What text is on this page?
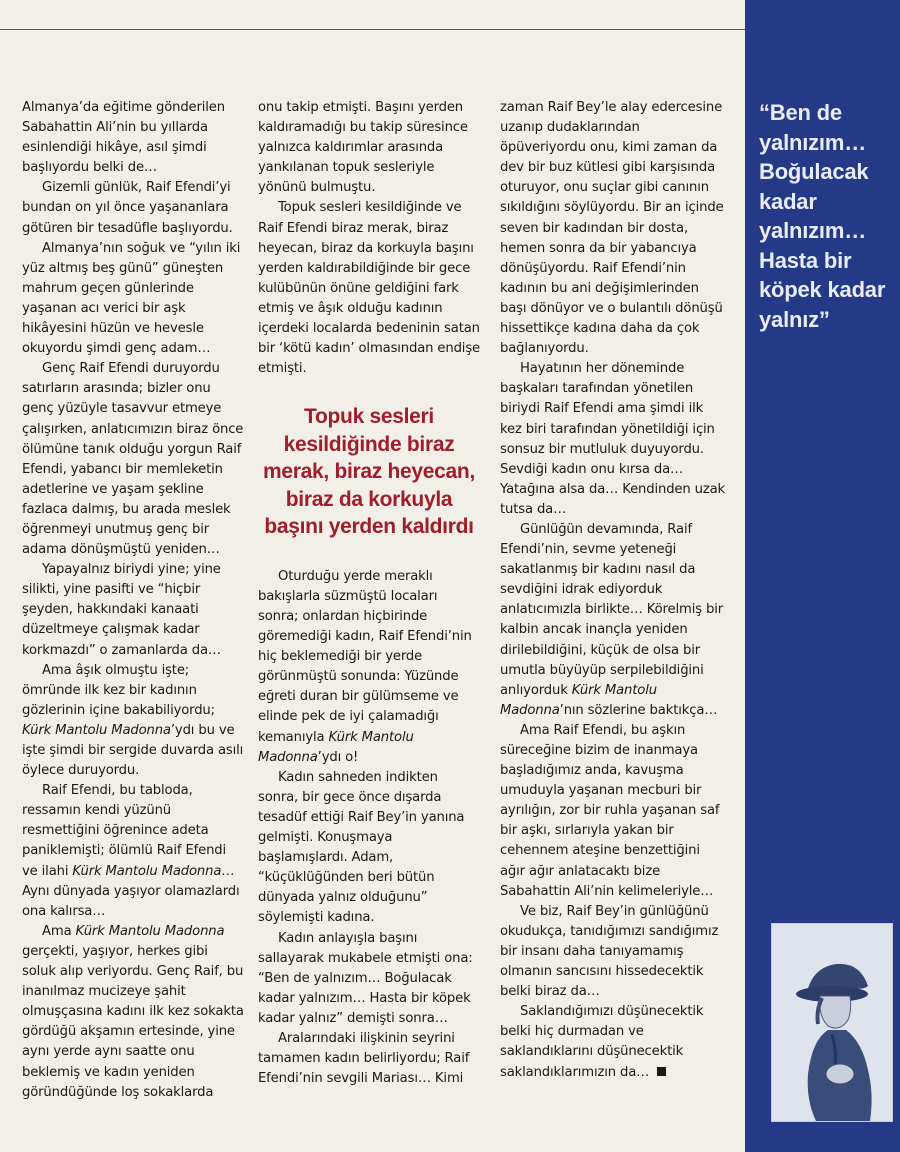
Almanya’da eğitime gönderilen Sabahattin Ali’nin bu yıllarda esinlendiği hikâye, asıl şimdi başlıyordu belki de…

Gizemli günlük, Raif Efendi’yi bundan on yıl önce yaşananlara götüren bir tesadüfle başlıyordu.

Almanya’nın soğuk ve “yılın iki yüz altmış beş günü” güneşten mahrum geçen günlerinde yaşanan acı verici bir aşk hikâyesini hüzün ve hevesle okuyordu şimdi genç adam…

Genç Raif Efendi duruyordu satırların arasında; bizler onu genç yüzüyle tasavvur etmeye çalışırken, anlatıcımızın biraz önce ölümüne tanık olduğu yorgun Raif Efendi, yabancı bir memleketin adetlerine ve yaşam şekline fazlaca dalmış, bu arada meslek öğrenmeyi unutmuş genç bir adama dönüşmüştü yeniden…

Yapayalnız biriydi yine; yine silikti, yine pasifti ve “hiçbir şeyden, hakkındaki kanaati düzeltmeye çalışmak kadar korkmazdı” o zamanlarda da…

Ama âşık olmuştu işte; ömründe ilk kez bir kadının gözlerinin içine bakabiliyordu; Kürk Mantolu Madonna’ydı bu ve işte şimdi bir sergide duvarda asılı öylece duruyordu.

Raif Efendi, bu tabloda, ressamın kendi yüzünü resmettiğini öğrenince adeta paniklemişti; ölümlü Raif Efendi ve ilahi Kürk Mantolu Madonna… Aynı dünyada yaşıyor olamazlardı ona kalırsa…

Ama Kürk Mantolu Madonna gerçekti, yaşıyor, herkes gibi soluk alıp veriyordu. Genç Raif, bu inanılmaz mucizeye şahit olmuşçasına kadını ilk kez sokakta gördüğü akşamın ertesinde, yine aynı yerde aynı saatte onu beklemiş ve kadın yeniden göründüğünde loş sokaklarda

onu takip etmişti. Başını yerden kaldıramadığı bu takip süresince yalnızca kaldırımlar arasında yankılanan topuk sesleriyle yönünü bulmuştu.

Topuk sesleri kesildiğinde ve Raif Efendi biraz merak, biraz heyecan, biraz da korkuyla başını yerden kaldırabildiğinde bir gece kulübünün önüne geldiğini fark etmiş ve âşık olduğu kadının içerdeki localarda bedeninin satan bir ‘kötü kadın’ olmasından endişe etmişti.

Topuk sesleri kesildiğinde biraz merak, biraz heyecan, biraz da korkuyla başını yerden kaldırdı

Oturduğu yerde meraklı bakışlarla süzmüştü locaları sonra; onlardan hiçbirinde göremediği kadın, Raif Efendi’nin hiç beklemediği bir yerde görünmüştü sonunda: Yüzünde eğreti duran bir gülümseme ve elinde pek de iyi çalamadığı kemanıyla Kürk Mantolu Madonna’ydı o!

Kadın sahneden indikten sonra, bir gece önce dışarda tesadüf ettiği Raif Bey’in yanına gelmişti. Konuşmaya başlamışlardı. Adam, “küçüklüğünden beri bütün dünyada yalnız olduğunu” söylemişti kadına.

Kadın anlayışla başını sallayarak mukabele etmişti ona: “Ben de yalnızım… Boğulacak kadar yalnızım… Hasta bir köpek kadar yalnız” demişti sonra…

Aralarındaki ilişkinin seyrini tamamen kadın belirliyordu; Raif Efendi’nin sevgili Mariası… Kimi

zaman Raif Bey’le alay edercesine uzanıp dudaklarından öpüveriyordu onu, kimi zaman da dev bir buz kütlesi gibi karşısında oturuyor, onu suçlar gibi canının sıkıldığını söylüyordu. Bir an içinde seven bir kadından bir dosta, hemen sonra da bir yabancıya dönüşüyordu. Raif Efendi’nin kadının bu ani değişimlerinden başı dönüyor ve o bulantılı dönüşü hissettikçe kadına daha da çok bağlanıyordu.

Hayatının her döneminde başkaları tarafından yönetilen biriydi Raif Efendi ama şimdi ilk kez biri tarafından yönetildiği için sonsuz bir mutluluk duyuyordu. Sevdiği kadın onu kırsa da… Yatağına alsa da… Kendinden uzak tutsa da…

Günlüğün devamında, Raif Efendi’nin, sevme yeteneği sakatlanmış bir kadını nasıl da sevdiğini idrak ediyorduk anlatıcımızla birlikte… Körelmiş bir kalbin ancak inançla yeniden dirilebildiğini, küçük de olsa bir umutla büyüyüp serpilebildiğini anlıyorduk Kürk Mantolu Madonna’nın sözlerine baktıkça…

Ama Raif Efendi, bu aşkın süreceğine bizim de inanmaya başladığımız anda, kavuşma umuduyla yaşanan mecburi bir ayrılığın, zor bir ruhla yaşanan saf bir aşkı, sırlarıyla yakan bir cehennem ateşine benzettiğini ağır ağır anlatacaktı bize Sabahattin Ali’nin kelimeleriyle…

Ve biz, Raif Bey’in günlüğünü okudukça, tanıdığımızı sandığımız bir insanı daha tanıyamamış olmanın sancısını hissedecektik belki biraz da…

Saklandığımızı düşünecektik belki hiç durmadan ve saklandıklarını düşünecektik saklandıklarımızın da…

“Ben de yalnızım… Boğulacak kadar yalnızım… Hasta bir köpek kadar yalnız”
